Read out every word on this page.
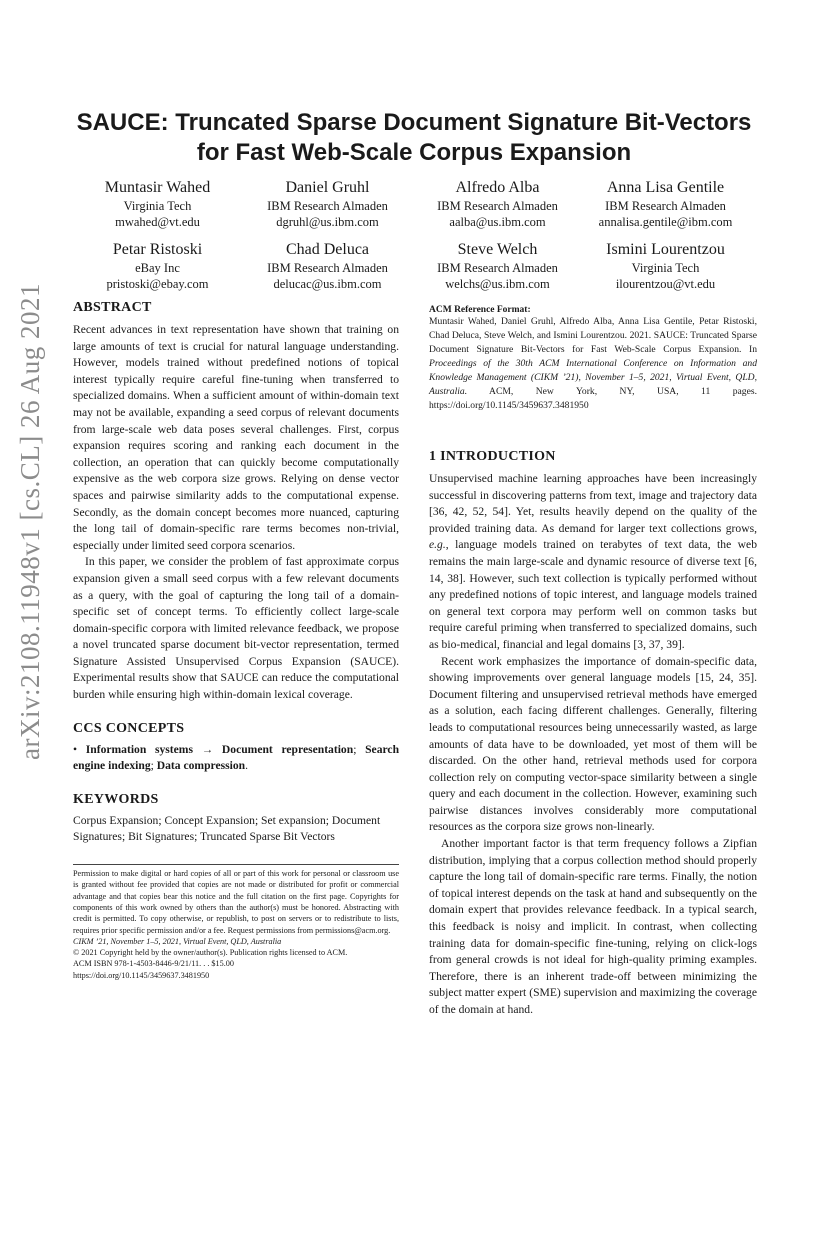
arXiv:2108.11948v1 [cs.CL] 26 Aug 2021
SAUCE: Truncated Sparse Document Signature Bit-Vectors
for Fast Web-Scale Corpus Expansion
Muntasir Wahed
Virginia Tech
mwahed@vt.edu
Daniel Gruhl
IBM Research Almaden
dgruhl@us.ibm.com
Alfredo Alba
IBM Research Almaden
aalba@us.ibm.com
Anna Lisa Gentile
IBM Research Almaden
annalisa.gentile@ibm.com
Petar Ristoski
eBay Inc
pristoski@ebay.com
Chad Deluca
IBM Research Almaden
delucac@us.ibm.com
Steve Welch
IBM Research Almaden
welchs@us.ibm.com
Ismini Lourentzou
Virginia Tech
ilourentzou@vt.edu
ABSTRACT

Recent advances in text representation have shown that training on large amounts of text is crucial for natural language understanding. However, models trained without predefined notions of topical interest typically require careful fine-tuning when transferred to specialized domains. When a sufficient amount of within-domain text may not be available, expanding a seed corpus of relevant documents from large-scale web data poses several challenges. First, corpus expansion requires scoring and ranking each document in the collection, an operation that can quickly become computationally expensive as the web corpora size grows. Relying on dense vector spaces and pairwise similarity adds to the computational expense. Secondly, as the domain concept becomes more nuanced, capturing the long tail of domain-specific rare terms becomes non-trivial, especially under limited seed corpora scenarios.

In this paper, we consider the problem of fast approximate corpus expansion given a small seed corpus with a few relevant documents as a query, with the goal of capturing the long tail of a domain-specific set of concept terms. To efficiently collect large-scale domain-specific corpora with limited relevance feedback, we propose a novel truncated sparse document bit-vector representation, termed Signature Assisted Unsupervised Corpus Expansion (SAUCE). Experimental results show that SAUCE can reduce the computational burden while ensuring high within-domain lexical coverage.

CCS CONCEPTS

• Information systems → Document representation; Search engine indexing; Data compression.

KEYWORDS

Corpus Expansion; Concept Expansion; Set expansion; Document Signatures; Bit Signatures; Truncated Sparse Bit Vectors

Permission to make digital or hard copies of all or part of this work for personal or classroom use is granted without fee provided that copies are not made or distributed for profit or commercial advantage and that copies bear this notice and the full citation on the first page. Copyrights for components of this work owned by others than the author(s) must be honored. Abstracting with credit is permitted. To copy otherwise, or republish, to post on servers or to redistribute to lists, requires prior specific permission and/or a fee. Request permissions from permissions@acm.org.

CIKM ’21, November 1–5, 2021, Virtual Event, QLD, Australia

© 2021 Copyright held by the owner/author(s). Publication rights licensed to ACM.

ACM ISBN 978-1-4503-8446-9/21/11. . . $15.00

https://doi.org/10.1145/3459637.3481950

ACM Reference Format:

Muntasir Wahed, Daniel Gruhl, Alfredo Alba, Anna Lisa Gentile, Petar Ristoski, Chad Deluca, Steve Welch, and Ismini Lourentzou. 2021. SAUCE: Truncated Sparse Document Signature Bit-Vectors for Fast Web-Scale Corpus Expansion. In Proceedings of the 30th ACM International Conference on Information and Knowledge Management (CIKM ’21), November 1–5, 2021, Virtual Event, QLD, Australia. ACM, New York, NY, USA, 11 pages. https://doi.org/10.1145/3459637.3481950

1 INTRODUCTION

Unsupervised machine learning approaches have been increasingly successful in discovering patterns from text, image and trajectory data [36, 42, 52, 54]. Yet, results heavily depend on the quality of the provided training data. As demand for larger text collections grows, e.g., language models trained on terabytes of text data, the web remains the main large-scale and dynamic resource of diverse text [6, 14, 38]. However, such text collection is typically performed without any predefined notions of topic interest, and language models trained on general text corpora may perform well on common tasks but require careful priming when transferred to specialized domains, such as bio-medical, financial and legal domains [3, 37, 39].

Recent work emphasizes the importance of domain-specific data, showing improvements over general language models [15, 24, 35]. Document filtering and unsupervised retrieval methods have emerged as a solution, each facing different challenges. Generally, filtering leads to computational resources being unnecessarily wasted, as large amounts of data have to be downloaded, yet most of them will be discarded. On the other hand, retrieval methods used for corpora collection rely on computing vector-space similarity between a single query and each document in the collection. However, examining such pairwise distances involves considerably more computational resources as the corpora size grows non-linearly.

Another important factor is that term frequency follows a Zipfian distribution, implying that a corpus collection method should properly capture the long tail of domain-specific rare terms. Finally, the notion of topical interest depends on the task at hand and subsequently on the domain expert that provides relevance feedback. In a typical search, this feedback is noisy and implicit. In contrast, when collecting training data for domain-specific fine-tuning, relying on click-logs from general crowds is not ideal for high-quality priming examples. Therefore, there is an inherent trade-off between minimizing the subject matter expert (SME) supervision and maximizing the coverage of the domain at hand.
